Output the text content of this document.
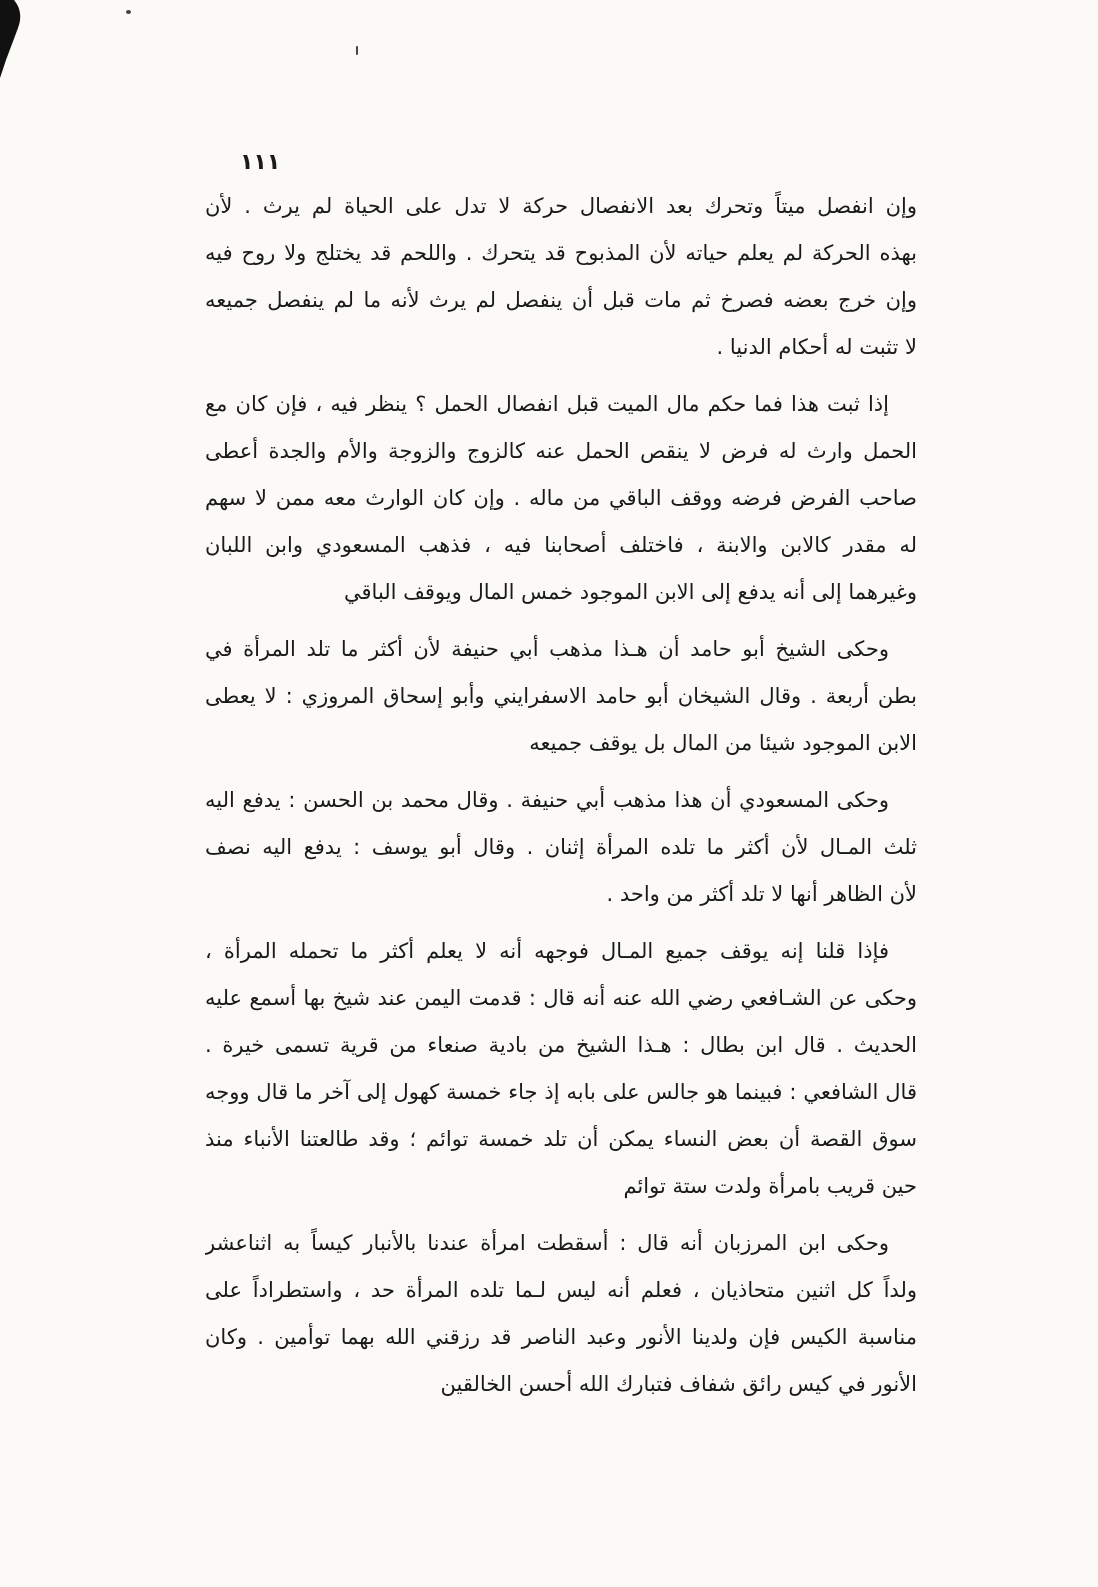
١١١

وإن انفصل ميتاً وتحرك بعد الانفصال حركة لا تدل على الحياة لم يرث . لأن
بهذه الحركة لم يعلم حياته لأن المذبوح قد يتحرك . واللحم قد يختلج ولا روح فيه
وإن خرج بعضه فصرخ ثم مات قبل أن ينفصل لم يرث لأنه ما لم ينفصل جميعه
لا تثبت له أحكام الدنيا .

إذا ثبت هذا فما حكم مال الميت قبل انفصال الحمل ؟ ينظر فيه ، فإن كان مع
الحمل وارث له فرض لا ينقص الحمل عنه كالزوج والزوجة والأم والجدة أعطى
صاحب الفرض فرضه ووقف الباقي من ماله . وإن كان الوارث معه ممن لا سهم
له مقدر كالابن والابنة ، فاختلف أصحابنا فيه ، فذهب المسعودي وابن اللبان
وغيرهما إلى أنه يدفع إلى الابن الموجود خمس المال ويوقف الباقي

وحكى الشيخ أبو حامد أن هـذا مذهب أبي حنيفة لأن أكثر ما تلد المرأة في
بطن أربعة . وقال الشيخان أبو حامد الاسفرايني وأبو إسحاق المروزي : لا يعطى
الابن الموجود شيئا من المال بل يوقف جميعه

وحكى المسعودي أن هذا مذهب أبي حنيفة . وقال محمد بن الحسن : يدفع اليه
ثلث المـال لأن أكثر ما تلده المرأة إثنان . وقال أبو يوسف : يدفع اليه نصف
لأن الظاهر أنها لا تلد أكثر من واحد .

فإذا قلنا إنه يوقف جميع المـال فوجهه أنه لا يعلم أكثر ما تحمله المرأة ،
وحكى عن الشـافعي رضي الله عنه أنه قال : قدمت اليمن عند شيخ بها أسمع عليه
الحديث . قال ابن بطال : هـذا الشيخ من بادية صنعاء من قرية تسمى خيرة .
قال الشافعي : فبينما هو جالس على بابه إذ جاء خمسة كهول إلى آخر ما قال ووجه
سوق القصة أن بعض النساء يمكن أن تلد خمسة توائم ؛ وقد طالعتنا الأنباء منذ
حين قريب بامرأة ولدت ستة توائم

وحكى ابن المرزبان أنه قال : أسقطت امرأة عندنا بالأنبار كيساً به اثناعشر
ولداً كل اثنين متحاذيان ، فعلم أنه ليس لـما تلده المرأة حد ، واستطراداً على
مناسبة الكيس فإن ولدينا الأنور وعبد الناصر قد رزقني الله بهما توأمين . وكان
الأنور في كيس رائق شفاف فتبارك الله أحسن الخالقين
